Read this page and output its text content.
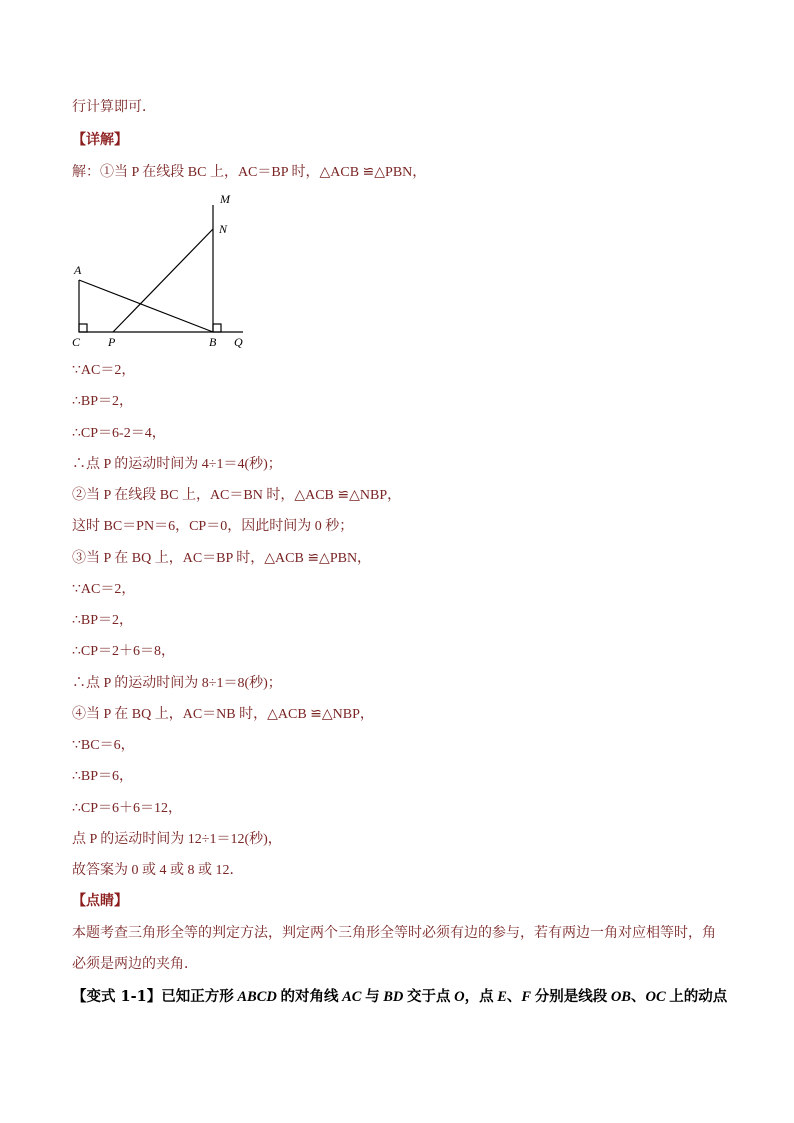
行计算即可．
【详解】
解：①当 P 在线段 BC 上，AC＝BP 时，△ACB ≌△PBN，
M
N
A
C P	B Q
∵AC＝2，
∴BP＝2，
∴CP＝6-2＝4，
∴点 P 的运动时间为 4÷1＝4(秒)；
②当 P 在线段 BC 上，AC＝BN 时，△ACB ≌△NBP，
这时 BC＝PN＝6，CP＝0，因此时间为 0 秒；
③当 P 在 BQ 上，AC＝BP 时，△ACB ≌△PBN，
∵AC＝2，
∴BP＝2，
∴CP＝2＋6＝8，
∴点 P 的运动时间为 8÷1＝8(秒)；
④当 P 在 BQ 上，AC＝NB 时，△ACB ≌△NBP，
∵BC＝6，
∴BP＝6，
∴CP＝6＋6＝12，
点 P 的运动时间为 12÷1＝12(秒)，
故答案为 0 或 4 或 8 或 12．
【点睛】
本题考查三角形全等的判定方法，判定两个三角形全等时必须有边的参与，若有两边一角对应相等时，角
必须是两边的夹角．
【变式 1-1】已知正方形 ABCD 的对角线 AC 与 BD 交于点 O，点 E、F 分别是线段 OB、OC 上的动点
